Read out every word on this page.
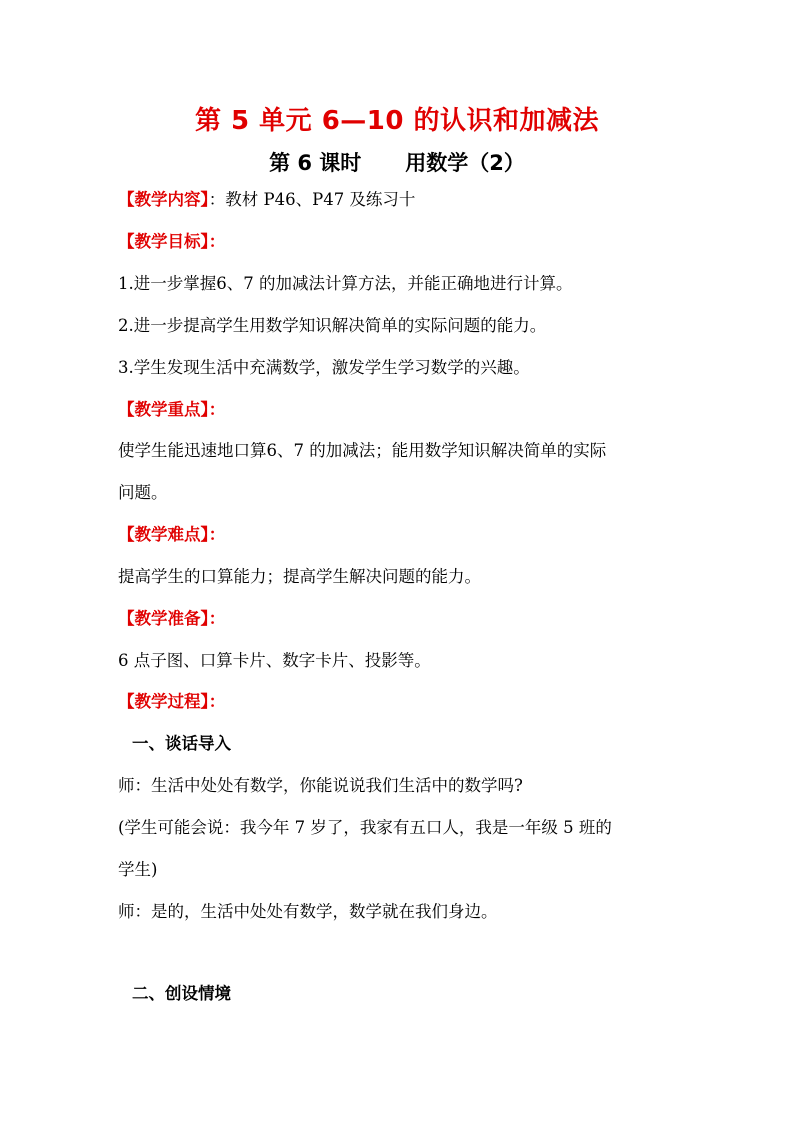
第 5 单元 6—10 的认识和加减法
第 6 课时 用数学（2）
【教学内容】：教材 P46、P47 及练习十
【教学目标】：
1.进一步掌握6、7 的加减法计算方法，并能正确地进行计算。
2.进一步提高学生用数学知识解决简单的实际问题的能力。
3.学生发现生活中充满数学，激发学生学习数学的兴趣。
【教学重点】：
使学生能迅速地口算6、7 的加减法；能用数学知识解决简单的实际
问题。
【教学难点】：
提高学生的口算能力；提高学生解决问题的能力。
【教学准备】：
6 点子图、口算卡片、数字卡片、投影等。
【教学过程】：
一、谈话导入
师：生活中处处有数学，你能说说我们生活中的数学吗?
(学生可能会说：我今年 7 岁了，我家有五口人，我是一年级 5 班的
学生)
师：是的，生活中处处有数学，数学就在我们身边。
二、创设情境
